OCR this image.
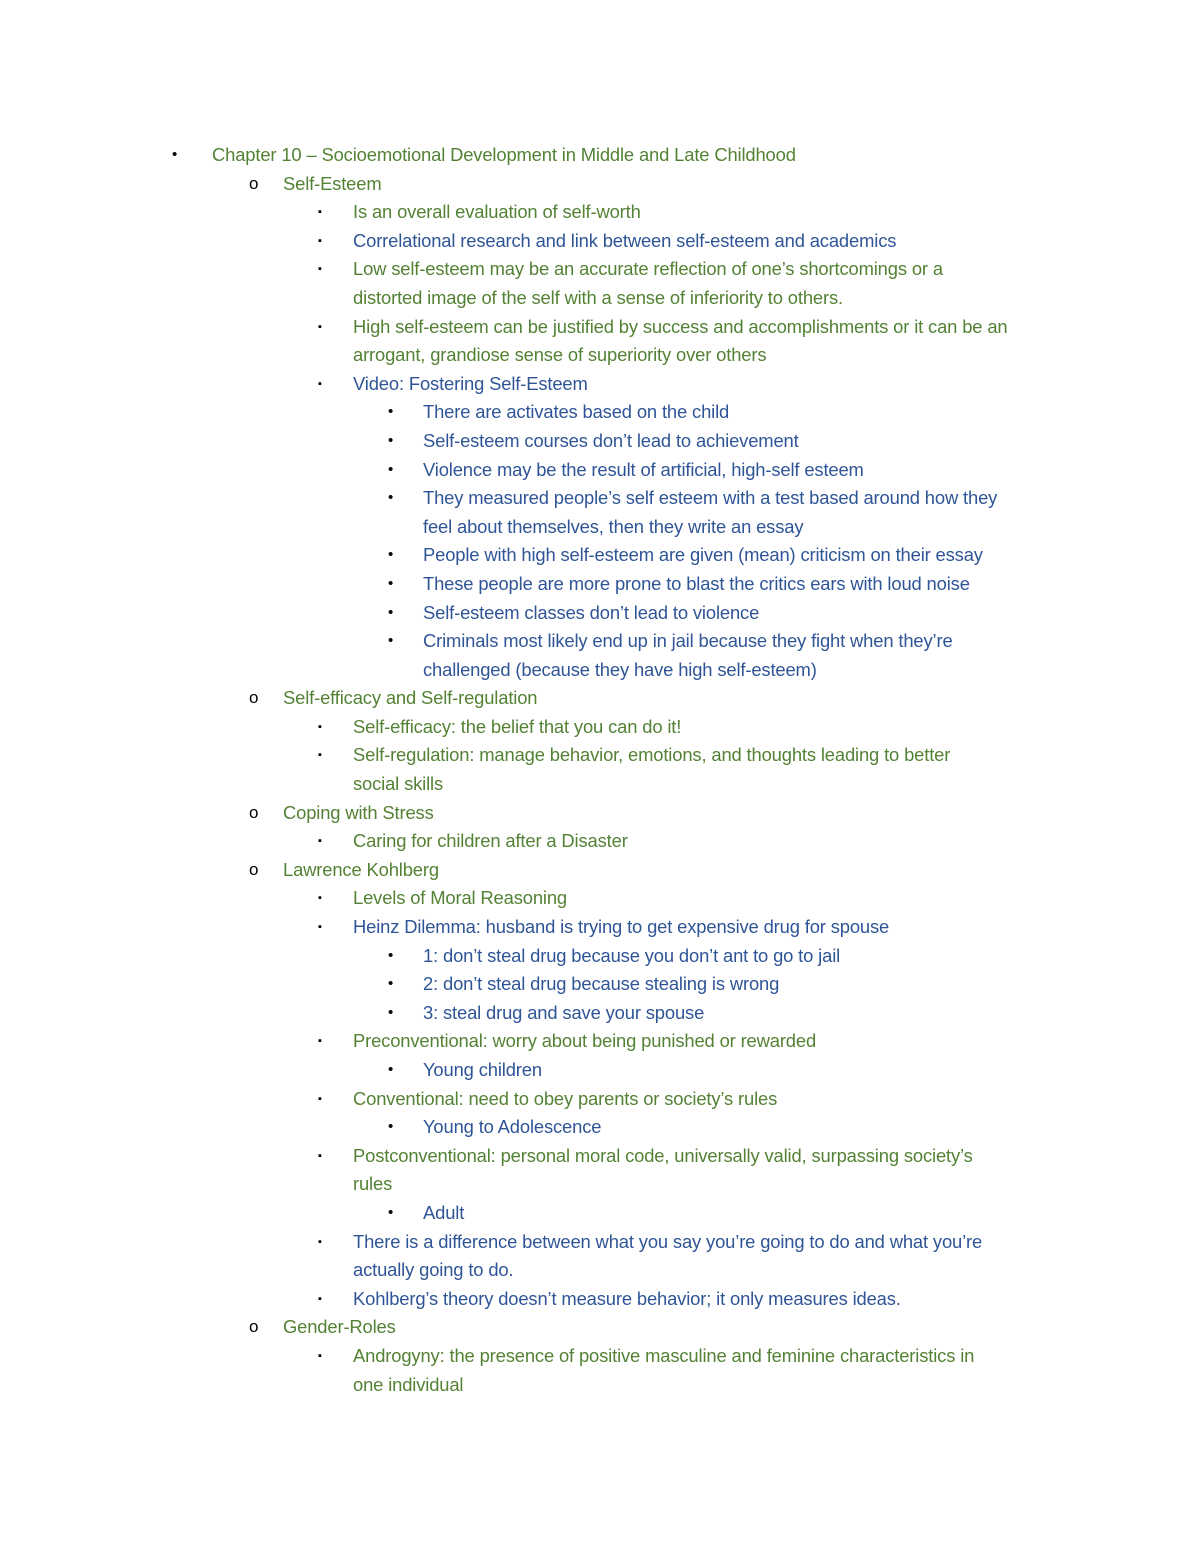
• Chapter 10 – Socioemotional Development in Middle and Late Childhood
o Self-Esteem
▪ Is an overall evaluation of self-worth
▪ Correlational research and link between self-esteem and academics
▪ Low self-esteem may be an accurate reflection of one’s shortcomings or a
distorted image of the self with a sense of inferiority to others.
▪ High self-esteem can be justified by success and accomplishments or it can be an
arrogant, grandiose sense of superiority over others
▪ Video: Fostering Self-Esteem
• There are activates based on the child
• Self-esteem courses don’t lead to achievement
• Violence may be the result of artificial, high-self esteem
• They measured people’s self esteem with a test based around how they
feel about themselves, then they write an essay
• People with high self-esteem are given (mean) criticism on their essay
• These people are more prone to blast the critics ears with loud noise
• Self-esteem classes don’t lead to violence
• Criminals most likely end up in jail because they fight when they’re
challenged (because they have high self-esteem)
o Self-efficacy and Self-regulation
▪ Self-efficacy: the belief that you can do it!
▪ Self-regulation: manage behavior, emotions, and thoughts leading to better
social skills
o Coping with Stress
▪ Caring for children after a Disaster
o Lawrence Kohlberg
▪ Levels of Moral Reasoning
▪ Heinz Dilemma: husband is trying to get expensive drug for spouse
• 1: don’t steal drug because you don’t ant to go to jail
• 2: don’t steal drug because stealing is wrong
• 3: steal drug and save your spouse
▪ Preconventional: worry about being punished or rewarded
• Young children
▪ Conventional: need to obey parents or society’s rules
• Young to Adolescence
▪ Postconventional: personal moral code, universally valid, surpassing society’s
rules
• Adult
▪ There is a difference between what you say you’re going to do and what you’re
actually going to do.
▪ Kohlberg’s theory doesn’t measure behavior; it only measures ideas.
o Gender-Roles
▪ Androgyny: the presence of positive masculine and feminine characteristics in
one individual
